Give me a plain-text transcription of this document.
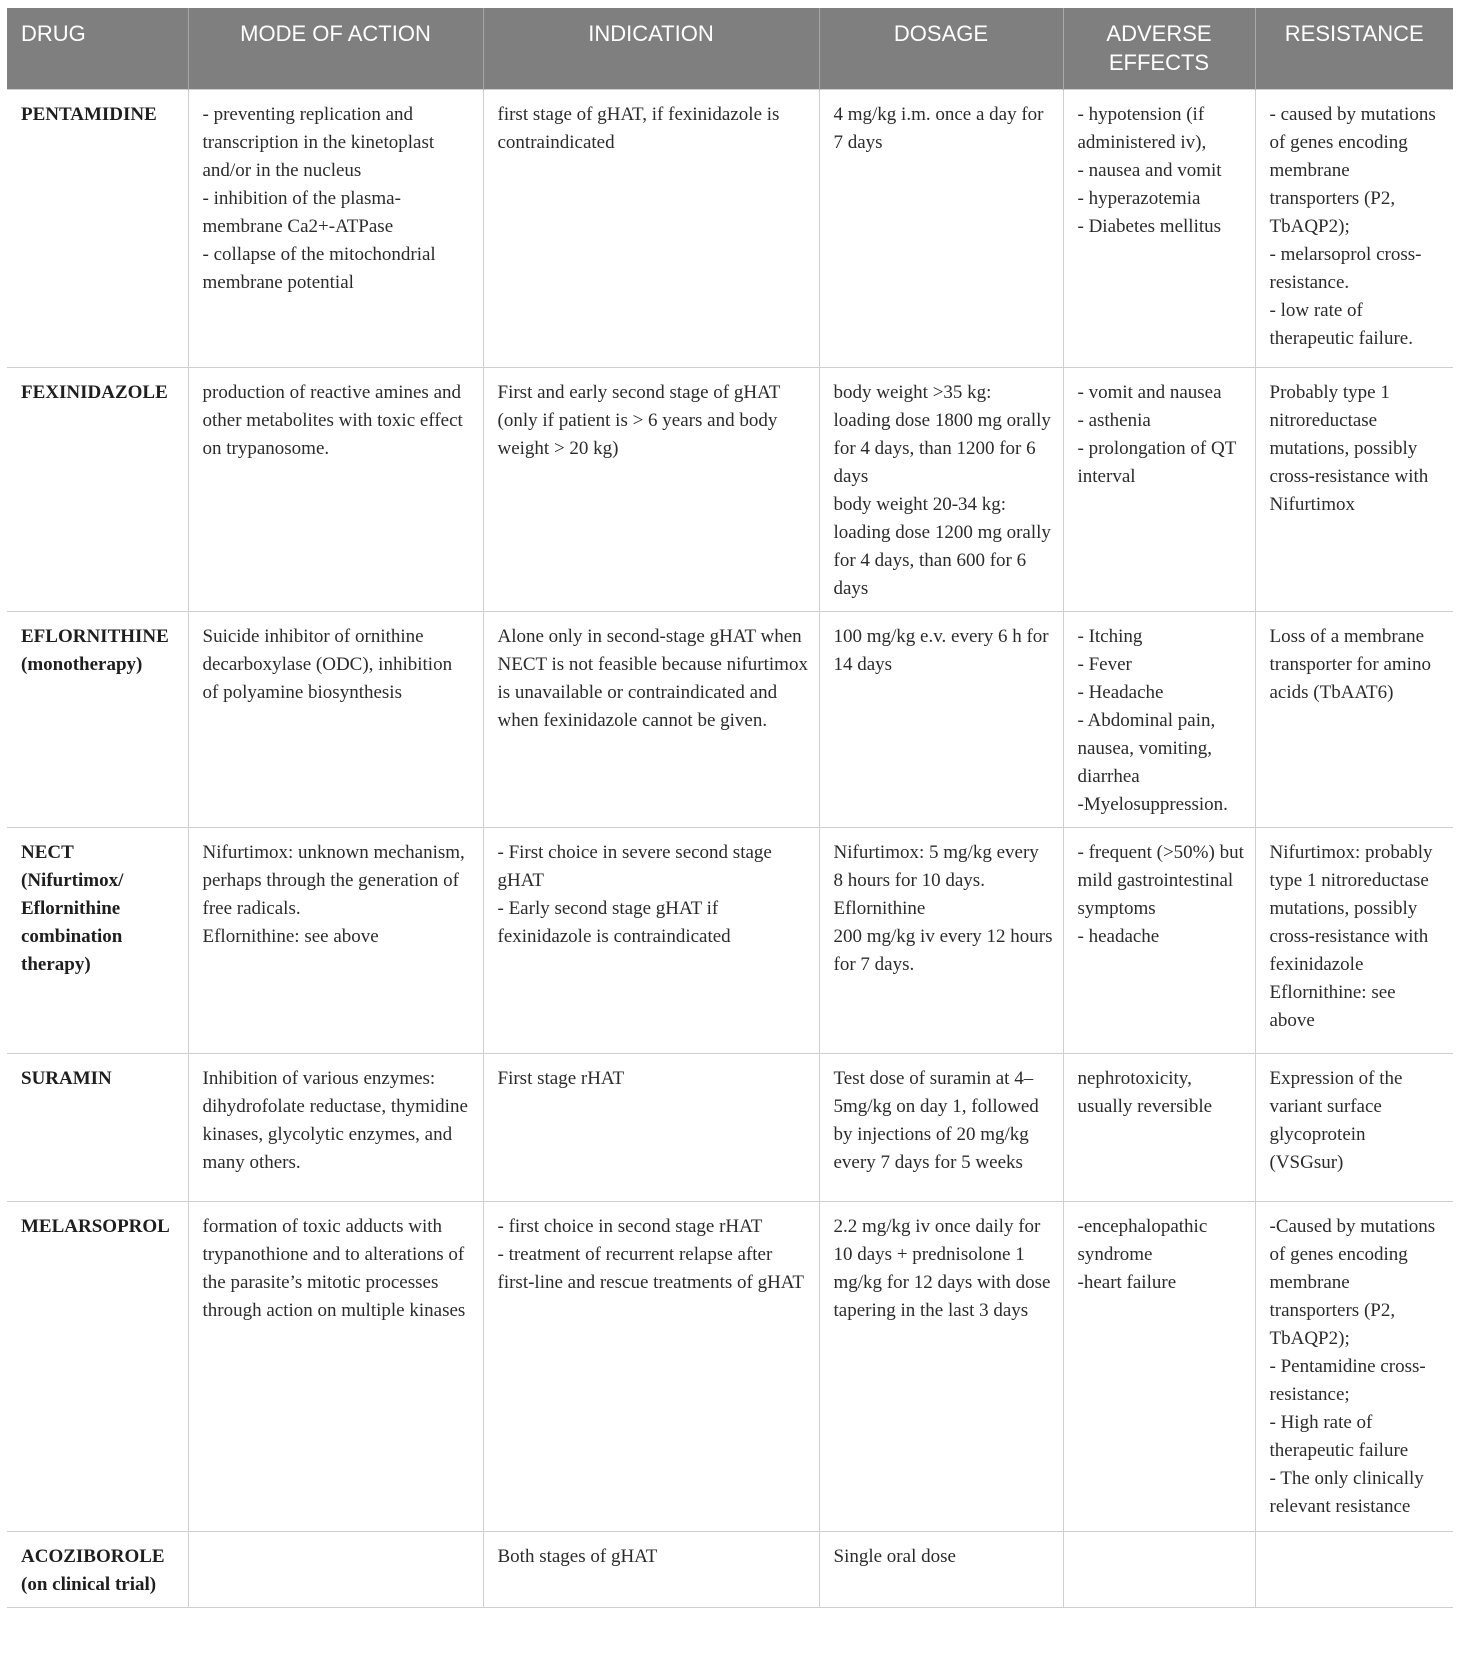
DRUG	MODE OF ACTION	INDICATION	DOSAGE	ADVERSE
EFFECTS	RESISTANCE
PENTAMIDINE	- preventing replication and transcription in the kinetoplast and/or in the nucleus
- inhibition of the plasma-membrane Ca2+-ATPase
- collapse of the mitochondrial membrane potential	first stage of gHAT, if fexinidazole is contraindicated	4 mg/kg i.m. once a day for 7 days	- hypotension (if administered iv),
- nausea and vomit
- hyperazotemia
- Diabetes mellitus	- caused by mutations of genes encoding membrane transporters (P2, TbAQP2);
- melarsoprol cross-resistance.
- low rate of therapeutic failure.
FEXINIDAZOLE	production of reactive amines and other metabolites with toxic effect on trypanosome.	First and early second stage of gHAT
(only if patient is > 6 years and body weight > 20 kg)	body weight >35 kg: loading dose 1800 mg orally for 4 days, than 1200 for 6 days
body weight 20-34 kg: loading dose 1200 mg orally for 4 days, than 600 for 6 days	- vomit and nausea
- asthenia
- prolongation of QT interval	Probably type 1 nitroreductase mutations, possibly cross-resistance with Nifurtimox
EFLORNITHINE (monotherapy)	Suicide inhibitor of ornithine decarboxylase (ODC), inhibition of polyamine biosynthesis	Alone only in second-stage gHAT when NECT is not feasible because nifurtimox is unavailable or contraindicated and when fexinidazole cannot be given.	100 mg/kg e.v. every 6 h for 14 days	- Itching
- Fever
- Headache
- Abdominal pain, nausea, vomiting, diarrhea
-Myelosuppression.	Loss of a membrane transporter for amino acids (TbAAT6)
NECT (Nifurtimox/ Eflornithine combination therapy)	Nifurtimox: unknown mechanism, perhaps through the generation of free radicals.
Eflornithine: see above	- First choice in severe second stage gHAT
- Early second stage gHAT if fexinidazole is contraindicated	Nifurtimox: 5 mg/kg every 8 hours for 10 days.
Eflornithine
200 mg/kg iv every 12 hours for 7 days.	- frequent (>50%) but mild gastrointestinal symptoms
- headache	Nifurtimox: probably type 1 nitroreductase mutations, possibly cross-resistance with fexinidazole
Eflornithine: see above
SURAMIN	Inhibition of various enzymes: dihydrofolate reductase, thymidine kinases, glycolytic enzymes, and many others.	First stage rHAT	Test dose of suramin at 4–5mg/kg on day 1, followed by injections of 20 mg/kg every 7 days for 5 weeks	nephrotoxicity, usually reversible	Expression of the variant surface glycoprotein (VSGsur)
MELARSOPROL	formation of toxic adducts with trypanothione and to alterations of the parasite’s mitotic processes through action on multiple kinases	- first choice in second stage rHAT
- treatment of recurrent relapse after first-line and rescue treatments of gHAT	2.2 mg/kg iv once daily for 10 days + prednisolone 1 mg/kg for 12 days with dose tapering in the last 3 days	-encephalopathic syndrome
-heart failure	-Caused by mutations of genes encoding membrane transporters (P2, TbAQP2);
- Pentamidine cross-resistance;
- High rate of therapeutic failure
- The only clinically relevant resistance
ACOZIBOROLE (on clinical trial)		Both stages of gHAT	Single oral dose		
